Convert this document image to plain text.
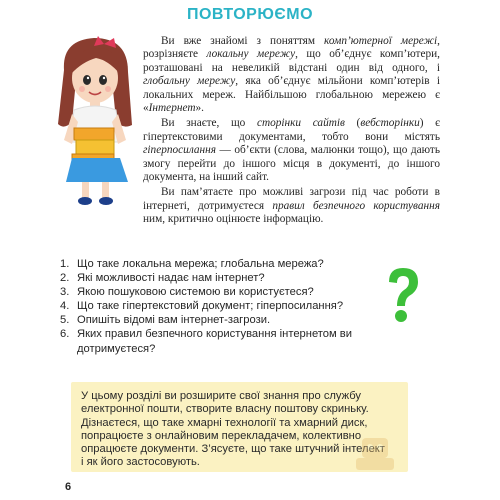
ПОВТОРЮЄМО

Ви вже знайомі з поняттям комп’ютерної мережі, розрізняєте локальну мережу, що об’єднує комп’ютери, розташовані на невеликій відстані один від одного, і глобальну мережу, яка об’єднує мільйони комп’ютерів і локальних мереж. Найбільшою глобальною мережею є «Інтернет».

Ви знаєте, що сторінки сайтів (вебсторінки) є гіпертекстовими документами, тобто вони містять гіперпосилання — об’єкти (слова, малюнки тощо), що дають змогу перейти до іншого місця в документі, до іншого документа, на інший сайт.

Ви пам’ятаєте про можливі загрози під час роботи в інтернеті, дотримуєтеся правил безпечного користування ним, критично оцінюєте інформацію.

1. Що таке локальна мережа; глобальна мережа?
2. Які можливості надає нам інтернет?
3. Якою пошуковою системою ви користуєтеся?
4. Що таке гіпертекстовий документ; гіперпосилання?
5. Опишіть відомі вам інтернет-загрози.
6. Яких правил безпечного користування інтернетом ви дотримуєтеся?
У цьому розділі ви розширите свої знання про службу
електронної пошти, створите власну поштову скриньку.
Дізнаєтеся, що таке хмарні технології та хмарний диск,
попрацюєте з онлайновим перекладачем, колективно
опрацюєте документи. З’ясуєте, що таке штучний інтелект
і як його застосовують.
6
